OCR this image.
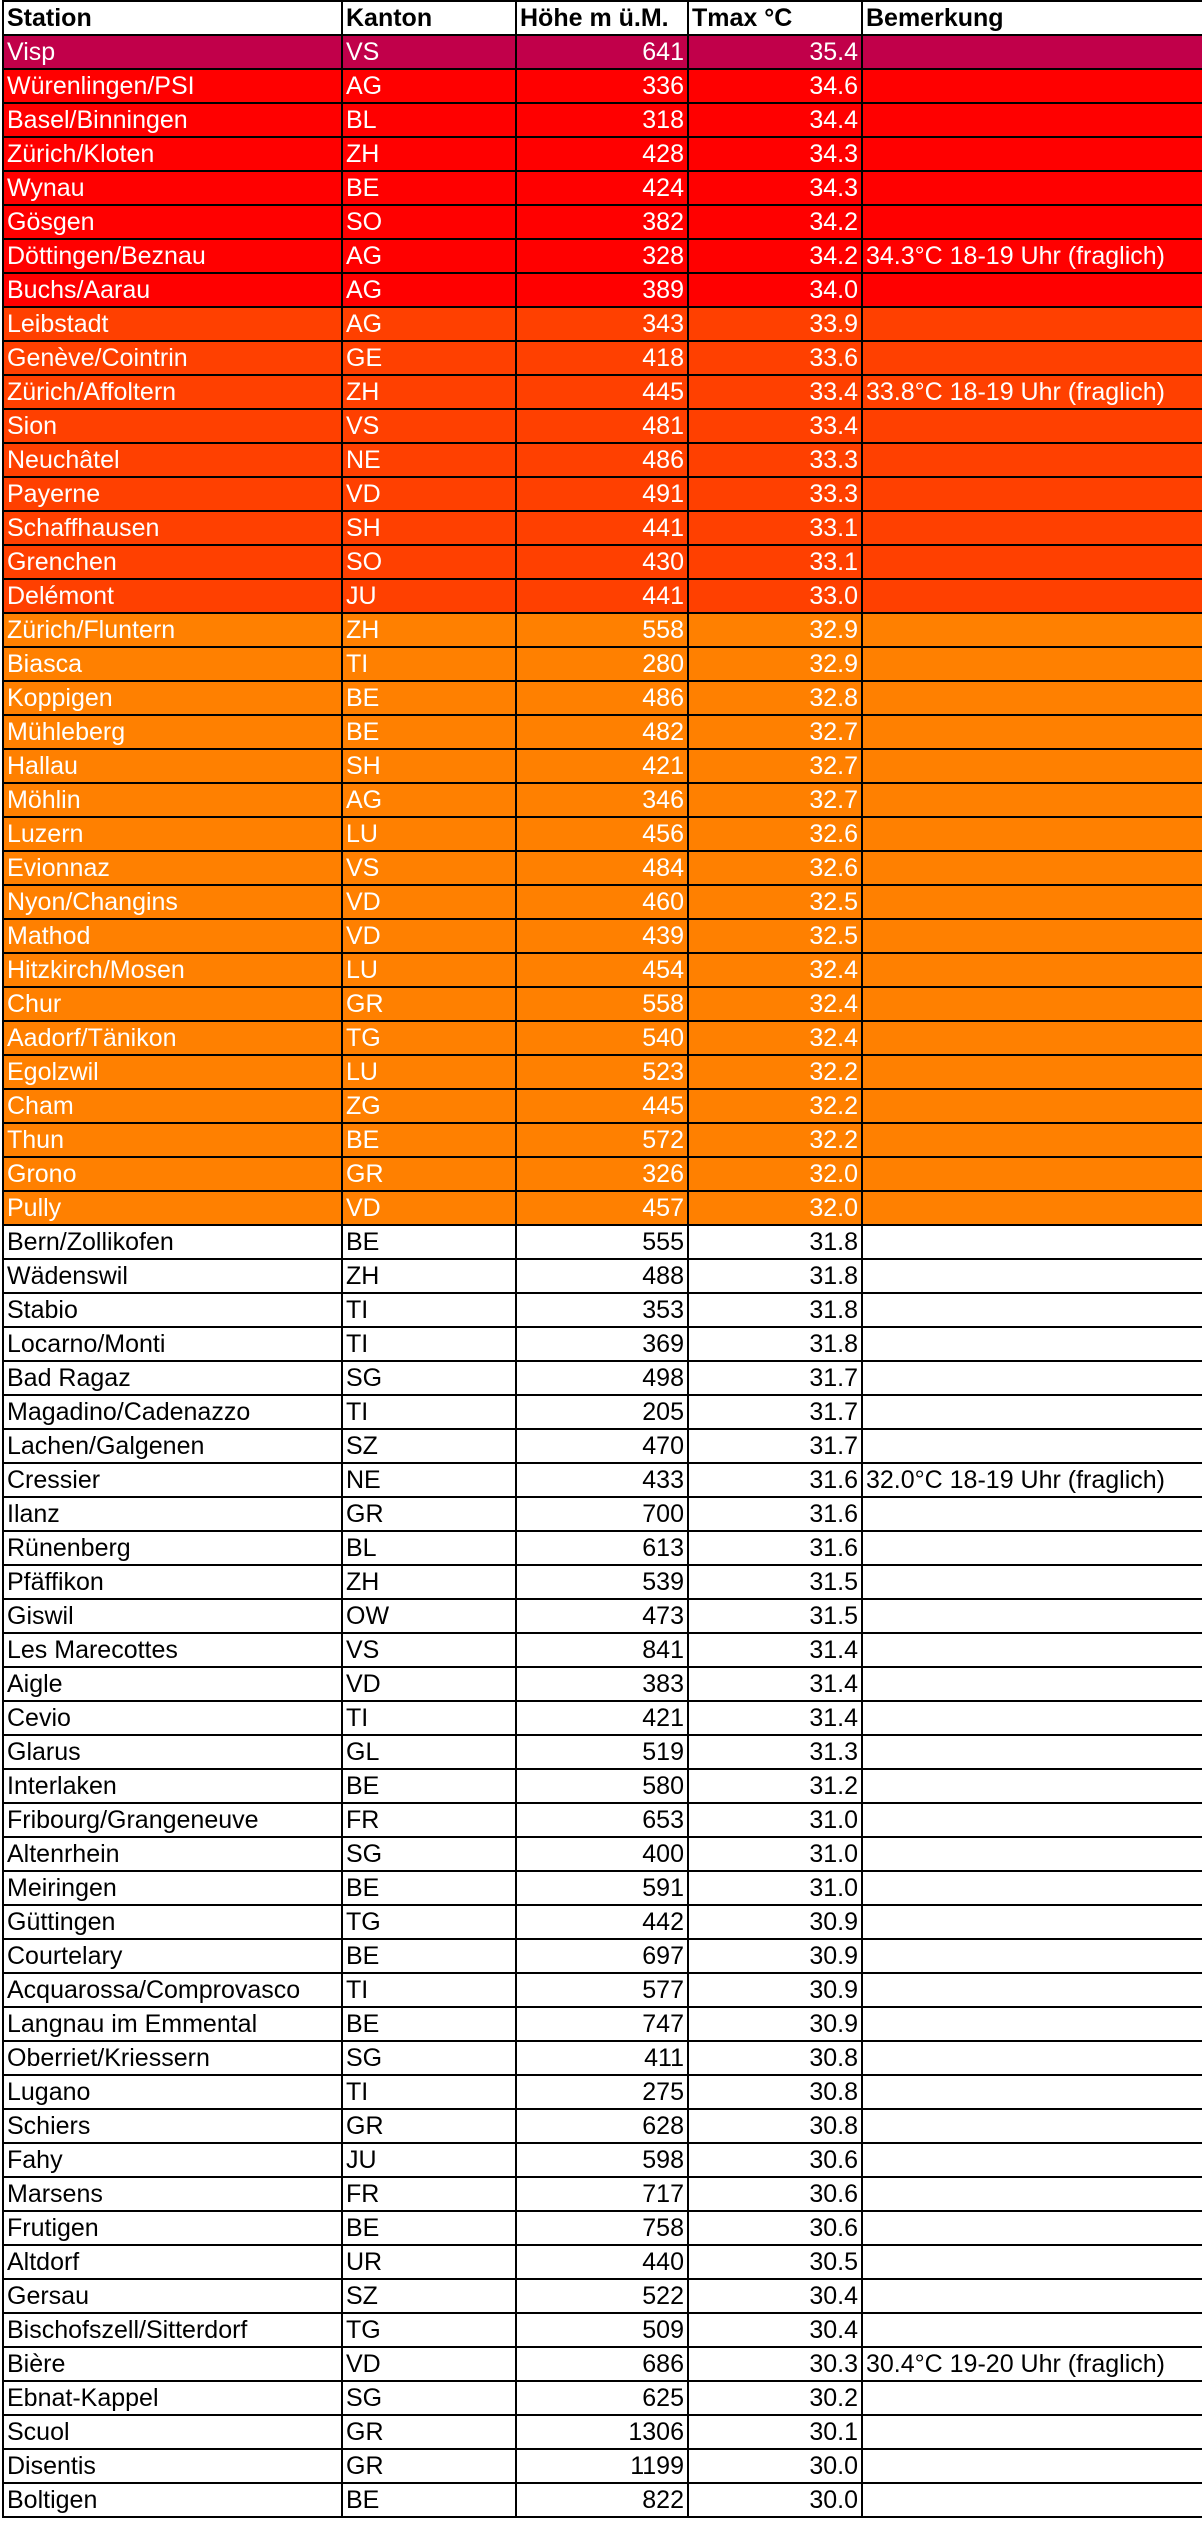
Station	Kanton	Höhe m ü.M.	Tmax °C	Bemerkung
Visp	VS	641	35.4	
Würenlingen/PSI	AG	336	34.6	
Basel/Binningen	BL	318	34.4	
Zürich/Kloten	ZH	428	34.3	
Wynau	BE	424	34.3	
Gösgen	SO	382	34.2	
Döttingen/Beznau	AG	328	34.2	34.3°C 18-19 Uhr (fraglich)
Buchs/Aarau	AG	389	34.0	
Leibstadt	AG	343	33.9	
Genève/Cointrin	GE	418	33.6	
Zürich/Affoltern	ZH	445	33.4	33.8°C 18-19 Uhr (fraglich)
Sion	VS	481	33.4	
Neuchâtel	NE	486	33.3	
Payerne	VD	491	33.3	
Schaffhausen	SH	441	33.1	
Grenchen	SO	430	33.1	
Delémont	JU	441	33.0	
Zürich/Fluntern	ZH	558	32.9	
Biasca	TI	280	32.9	
Koppigen	BE	486	32.8	
Mühleberg	BE	482	32.7	
Hallau	SH	421	32.7	
Möhlin	AG	346	32.7	
Luzern	LU	456	32.6	
Evionnaz	VS	484	32.6	
Nyon/Changins	VD	460	32.5	
Mathod	VD	439	32.5	
Hitzkirch/Mosen	LU	454	32.4	
Chur	GR	558	32.4	
Aadorf/Tänikon	TG	540	32.4	
Egolzwil	LU	523	32.2	
Cham	ZG	445	32.2	
Thun	BE	572	32.2	
Grono	GR	326	32.0	
Pully	VD	457	32.0	
Bern/Zollikofen	BE	555	31.8	
Wädenswil	ZH	488	31.8	
Stabio	TI	353	31.8	
Locarno/Monti	TI	369	31.8	
Bad Ragaz	SG	498	31.7	
Magadino/Cadenazzo	TI	205	31.7	
Lachen/Galgenen	SZ	470	31.7	
Cressier	NE	433	31.6	32.0°C 18-19 Uhr (fraglich)
Ilanz	GR	700	31.6	
Rünenberg	BL	613	31.6	
Pfäffikon	ZH	539	31.5	
Giswil	OW	473	31.5	
Les Marecottes	VS	841	31.4	
Aigle	VD	383	31.4	
Cevio	TI	421	31.4	
Glarus	GL	519	31.3	
Interlaken	BE	580	31.2	
Fribourg/Grangeneuve	FR	653	31.0	
Altenrhein	SG	400	31.0	
Meiringen	BE	591	31.0	
Güttingen	TG	442	30.9	
Courtelary	BE	697	30.9	
Acquarossa/Comprovasco	TI	577	30.9	
Langnau im Emmental	BE	747	30.9	
Oberriet/Kriessern	SG	411	30.8	
Lugano	TI	275	30.8	
Schiers	GR	628	30.8	
Fahy	JU	598	30.6	
Marsens	FR	717	30.6	
Frutigen	BE	758	30.6	
Altdorf	UR	440	30.5	
Gersau	SZ	522	30.4	
Bischofszell/Sitterdorf	TG	509	30.4	
Bière	VD	686	30.3	30.4°C 19-20 Uhr (fraglich)
Ebnat-Kappel	SG	625	30.2	
Scuol	GR	1306	30.1	
Disentis	GR	1199	30.0	
Boltigen	BE	822	30.0	
